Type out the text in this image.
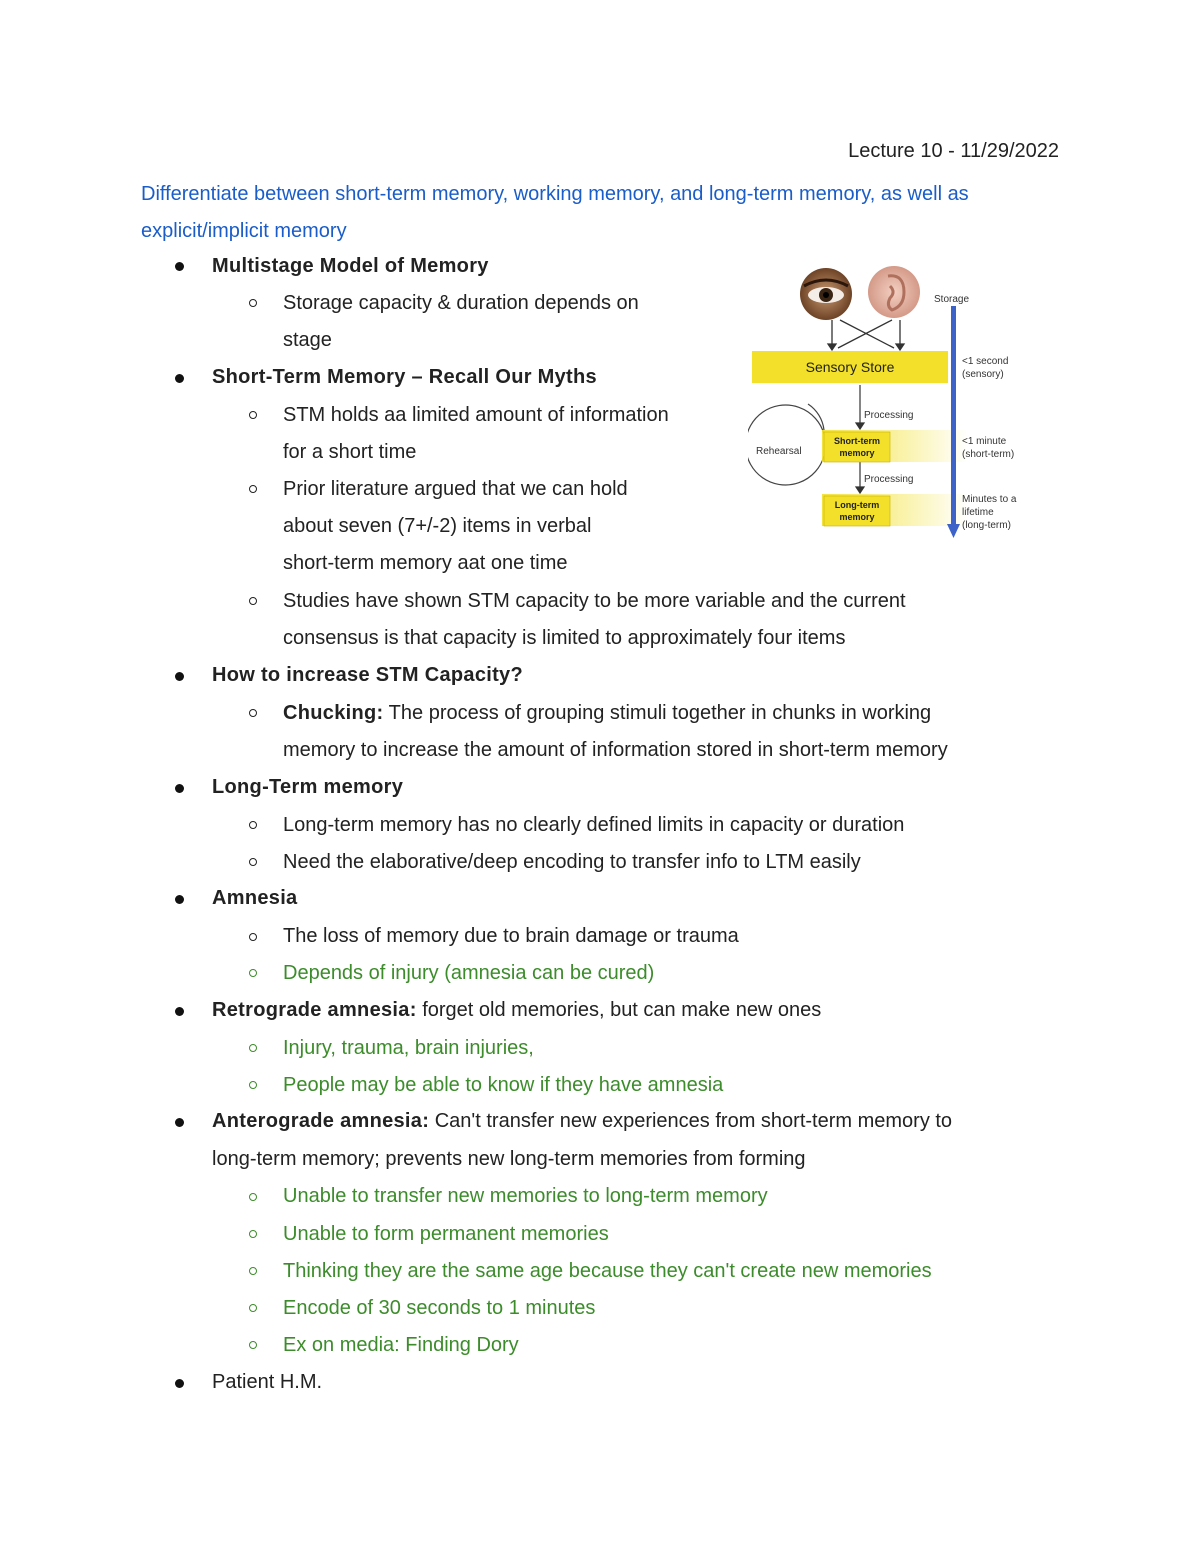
Lecture 10 - 11/29/2022
Differentiate between short-term memory, working memory, and long-term memory, as well as explicit/implicit memory
Multistage Model of Memory
Storage capacity & duration depends on
stage
Short-Term Memory – Recall Our Myths
STM holds aa limited amount of information
for a short time
Prior literature argued that we can hold
about seven (7+/-2) items in verbal
short-term memory aat one time
Studies have shown STM capacity to be more variable and the current
consensus is that capacity is limited to approximately four items
How to increase STM Capacity?
Chucking: The process of grouping stimuli together in chunks in working
memory to increase the amount of information stored in short-term memory
Long-Term memory
Long-term memory has no clearly defined limits in capacity or duration
Need the elaborative/deep encoding to transfer info to LTM easily
Amnesia
The loss of memory due to brain damage or trauma
Depends of injury (amnesia can be cured)
Retrograde amnesia: forget old memories, but can make new ones
Injury, trauma, brain injuries,
People may be able to know if they have amnesia
Anterograde amnesia: Can't transfer new experiences from short-term memory to
long-term memory; prevents new long-term memories from forming
Unable to transfer new memories to long-term memory
Unable to form permanent memories
Thinking they are the same age because they can't create new memories
Encode of 30 seconds to 1 minutes
Ex on media: Finding Dory
Patient H.M.
Sensory Store
Processing
Processing
Rehearsal
Short-term
memory
Long-term
memory
Storage
<1 second
(sensory)
<1 minute
(short-term)
Minutes to a
lifetime
(long-term)
